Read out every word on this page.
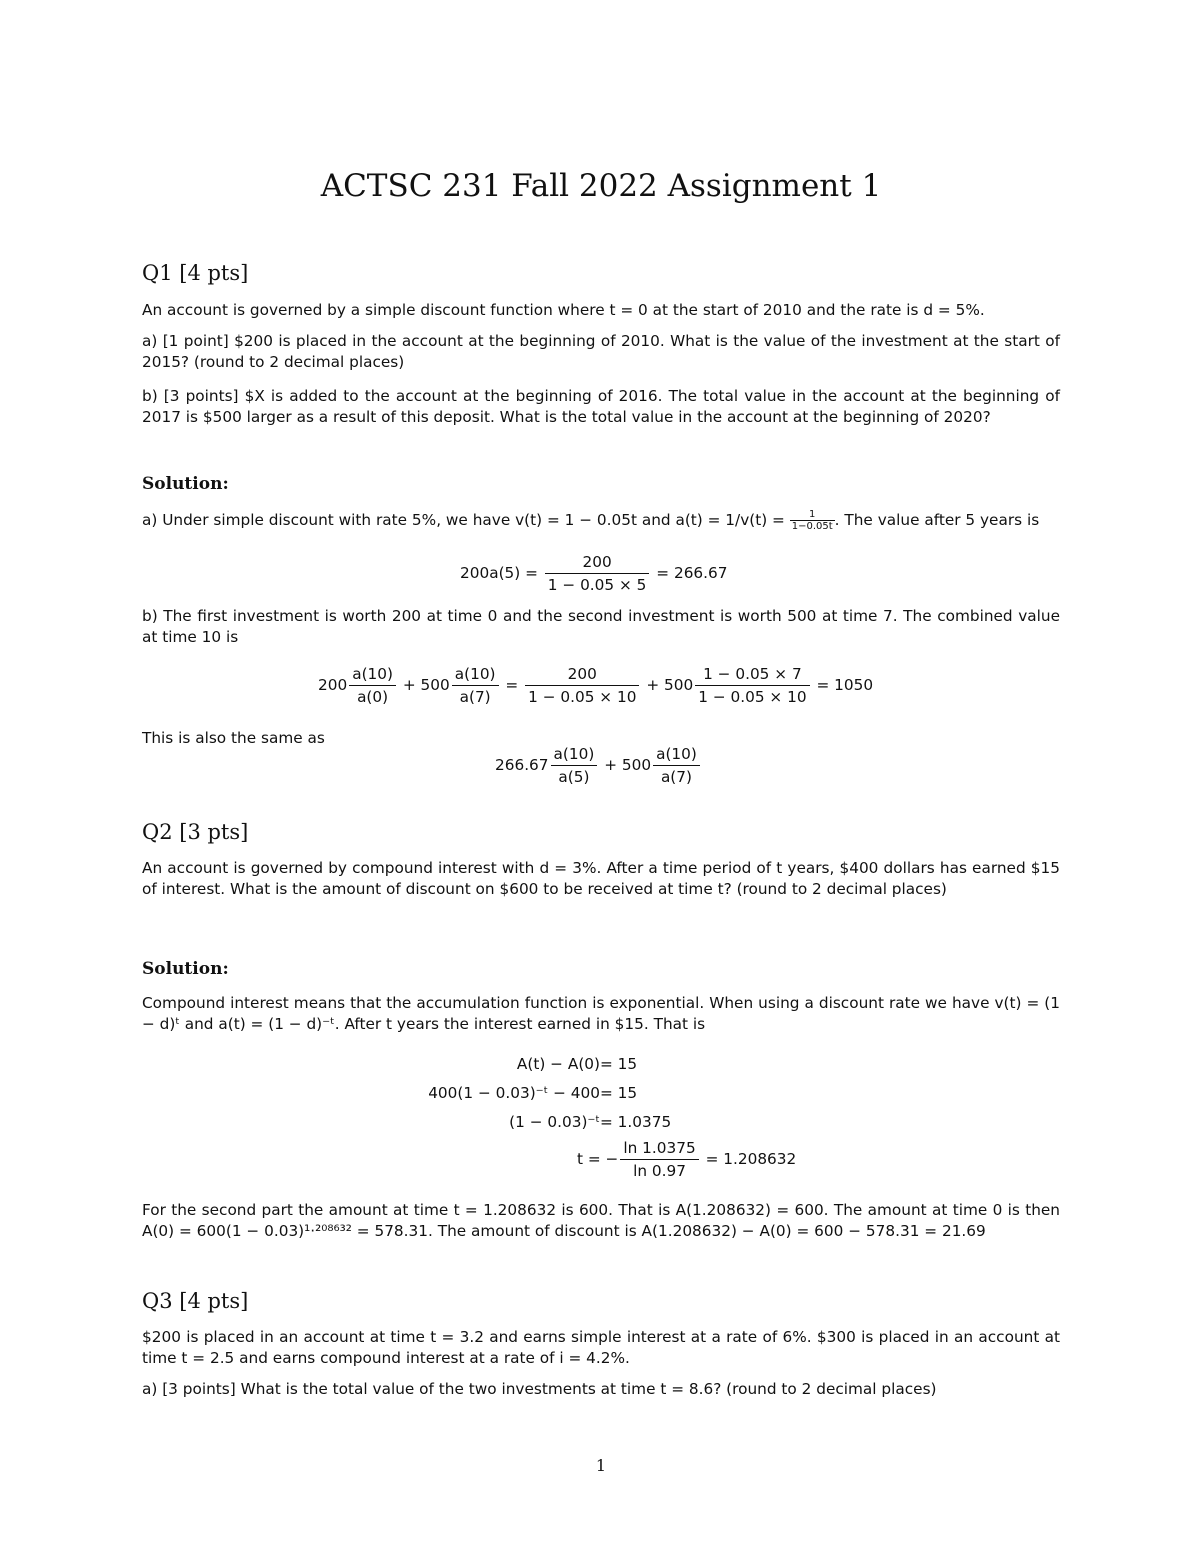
ACTSC 231 Fall 2022 Assignment 1
Q1 [4 pts]
An account is governed by a simple discount function where t = 0 at the start of 2010 and the rate is d = 5%.
a) [1 point] $200 is placed in the account at the beginning of 2010. What is the value of the investment at the start of 2015? (round to 2 decimal places)
b) [3 points] $X is added to the account at the beginning of 2016. The total value in the account at the beginning of 2017 is $500 larger as a result of this deposit. What is the total value in the account at the beginning of 2020?
Solution:
a) Under simple discount with rate 5%, we have v(t) = 1 − 0.05t and $a(t) = 1/v(t) = \frac{1}{1-0.05t}$ . The value after 5 years is
$200a(5) = \frac{200}{1 - 0.05 \times 5} = 266.67$
b) The first investment is worth 200 at time 0 and the second investment is worth 500 at time 7. The combined value at time 10 is
$200 \frac{a(10)}{a(0)} + 500 \frac{a(10)}{a(7)} = \frac{200}{1 - 0.05 \times 10} + 500 \frac{1 - 0.05 \times 7}{1 - 0.05 \times 10} = 1050$
This is also the same as
$266.67 \frac{a(10)}{a(5)} + 500 \frac{a(10)}{a(7)}$
Q2 [3 pts]
An account is governed by compound interest with d = 3%. After a time period of t years, $400 dollars has earned $15 of interest. What is the amount of discount on $600 to be received at time t? (round to 2 decimal places)
Solution:
Compound interest means that the accumulation function is exponential. When using a discount rate we have v(t) = (1 − d)ᵗ and a(t) = (1 − d)⁻ᵗ. After t years the interest earned in $15. That is
A(t) − A(0) = 15
400(1 − 0.03)⁻ᵗ − 400 = 15
(1 − 0.03)⁻ᵗ = 1.0375
t = − $\frac{\ln 1.0375}{\ln 0.97} = 1.208632$
For the second part the amount at time t = 1.208632 is 600. That is A(1.208632) = 600. The amount at time 0 is then A(0) = 600(1 − 0.03)¹·²⁰⁸⁶³² = 578.31. The amount of discount is A(1.208632) − A(0) = 600 − 578.31 = 21.69
Q3 [4 pts]
$200 is placed in an account at time t = 3.2 and earns simple interest at a rate of 6%. $300 is placed in an account at time t = 2.5 and earns compound interest at a rate of i = 4.2%.
a) [3 points] What is the total value of the two investments at time t = 8.6? (round to 2 decimal places)
1
